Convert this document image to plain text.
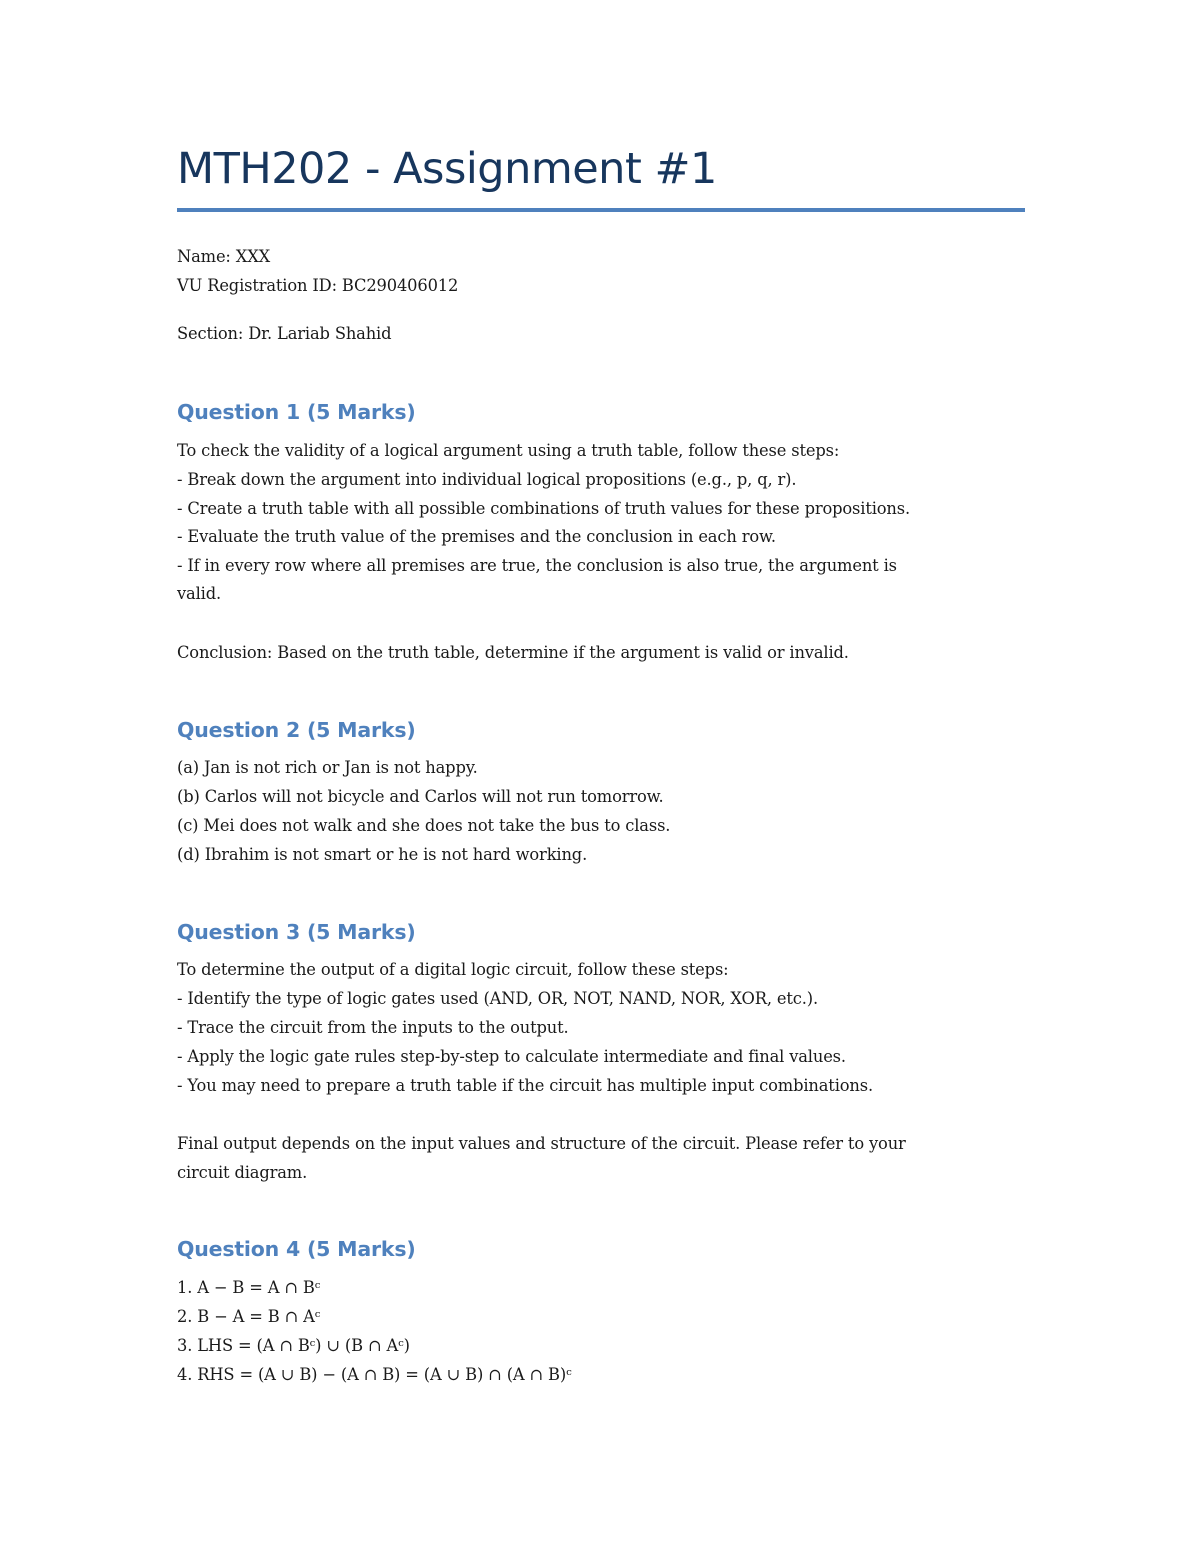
MTH202 - Assignment #1

Name: XXX

VU Registration ID: BC290406012

Section: Dr. Lariab Shahid

Question 1 (5 Marks)

To check the validity of a logical argument using a truth table, follow these steps:

- Break down the argument into individual logical propositions (e.g., p, q, r).

- Create a truth table with all possible combinations of truth values for these propositions.

- Evaluate the truth value of the premises and the conclusion in each row.

- If in every row where all premises are true, the conclusion is also true, the argument is

valid.

Conclusion: Based on the truth table, determine if the argument is valid or invalid.

Question 2 (5 Marks)

(a) Jan is not rich or Jan is not happy.

(b) Carlos will not bicycle and Carlos will not run tomorrow.

(c) Mei does not walk and she does not take the bus to class.

(d) Ibrahim is not smart or he is not hard working.

Question 3 (5 Marks)

To determine the output of a digital logic circuit, follow these steps:

- Identify the type of logic gates used (AND, OR, NOT, NAND, NOR, XOR, etc.).

- Trace the circuit from the inputs to the output.

- Apply the logic gate rules step-by-step to calculate intermediate and final values.

- You may need to prepare a truth table if the circuit has multiple input combinations.

Final output depends on the input values and structure of the circuit. Please refer to your

circuit diagram.

Question 4 (5 Marks)

1. A − B = A ∩ Bᶜ

2. B − A = B ∩ Aᶜ

3. LHS = (A ∩ Bᶜ) ∪ (B ∩ Aᶜ)

4. RHS = (A ∪ B) − (A ∩ B) = (A ∪ B) ∩ (A ∩ B)ᶜ
